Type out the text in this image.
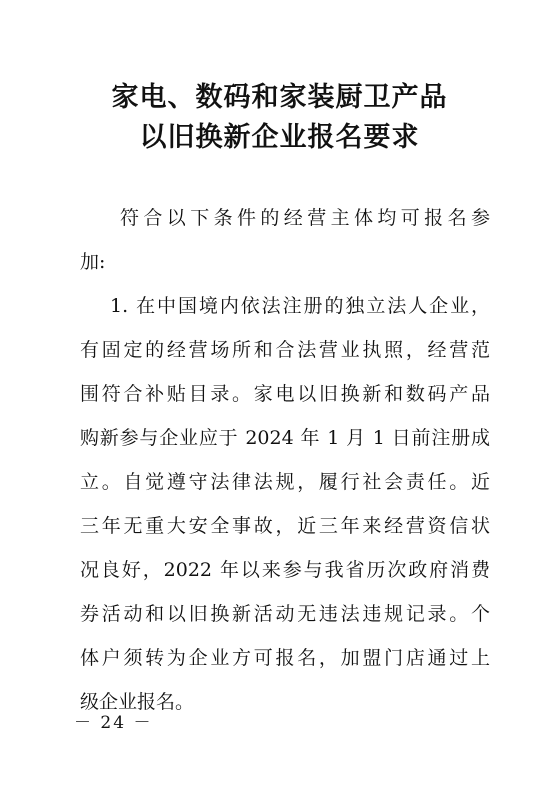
家电、数码和家装厨卫产品
以旧换新企业报名要求
符合以下条件的经营主体均可报名参
加:
1. 在中国境内依法注册的独立法人企业，
有固定的经营场所和合法营业执照，经营范
围符合补贴目录。家电以旧换新和数码产品
购新参与企业应于 2024 年 1 月 1 日前注册成
立。自觉遵守法律法规，履行社会责任。近
三年无重大安全事故，近三年来经营资信状
况良好，2022 年以来参与我省历次政府消费
券活动和以旧换新活动无违法违规记录。个
体户须转为企业方可报名，加盟门店通过上
级企业报名。
－ 24 －
